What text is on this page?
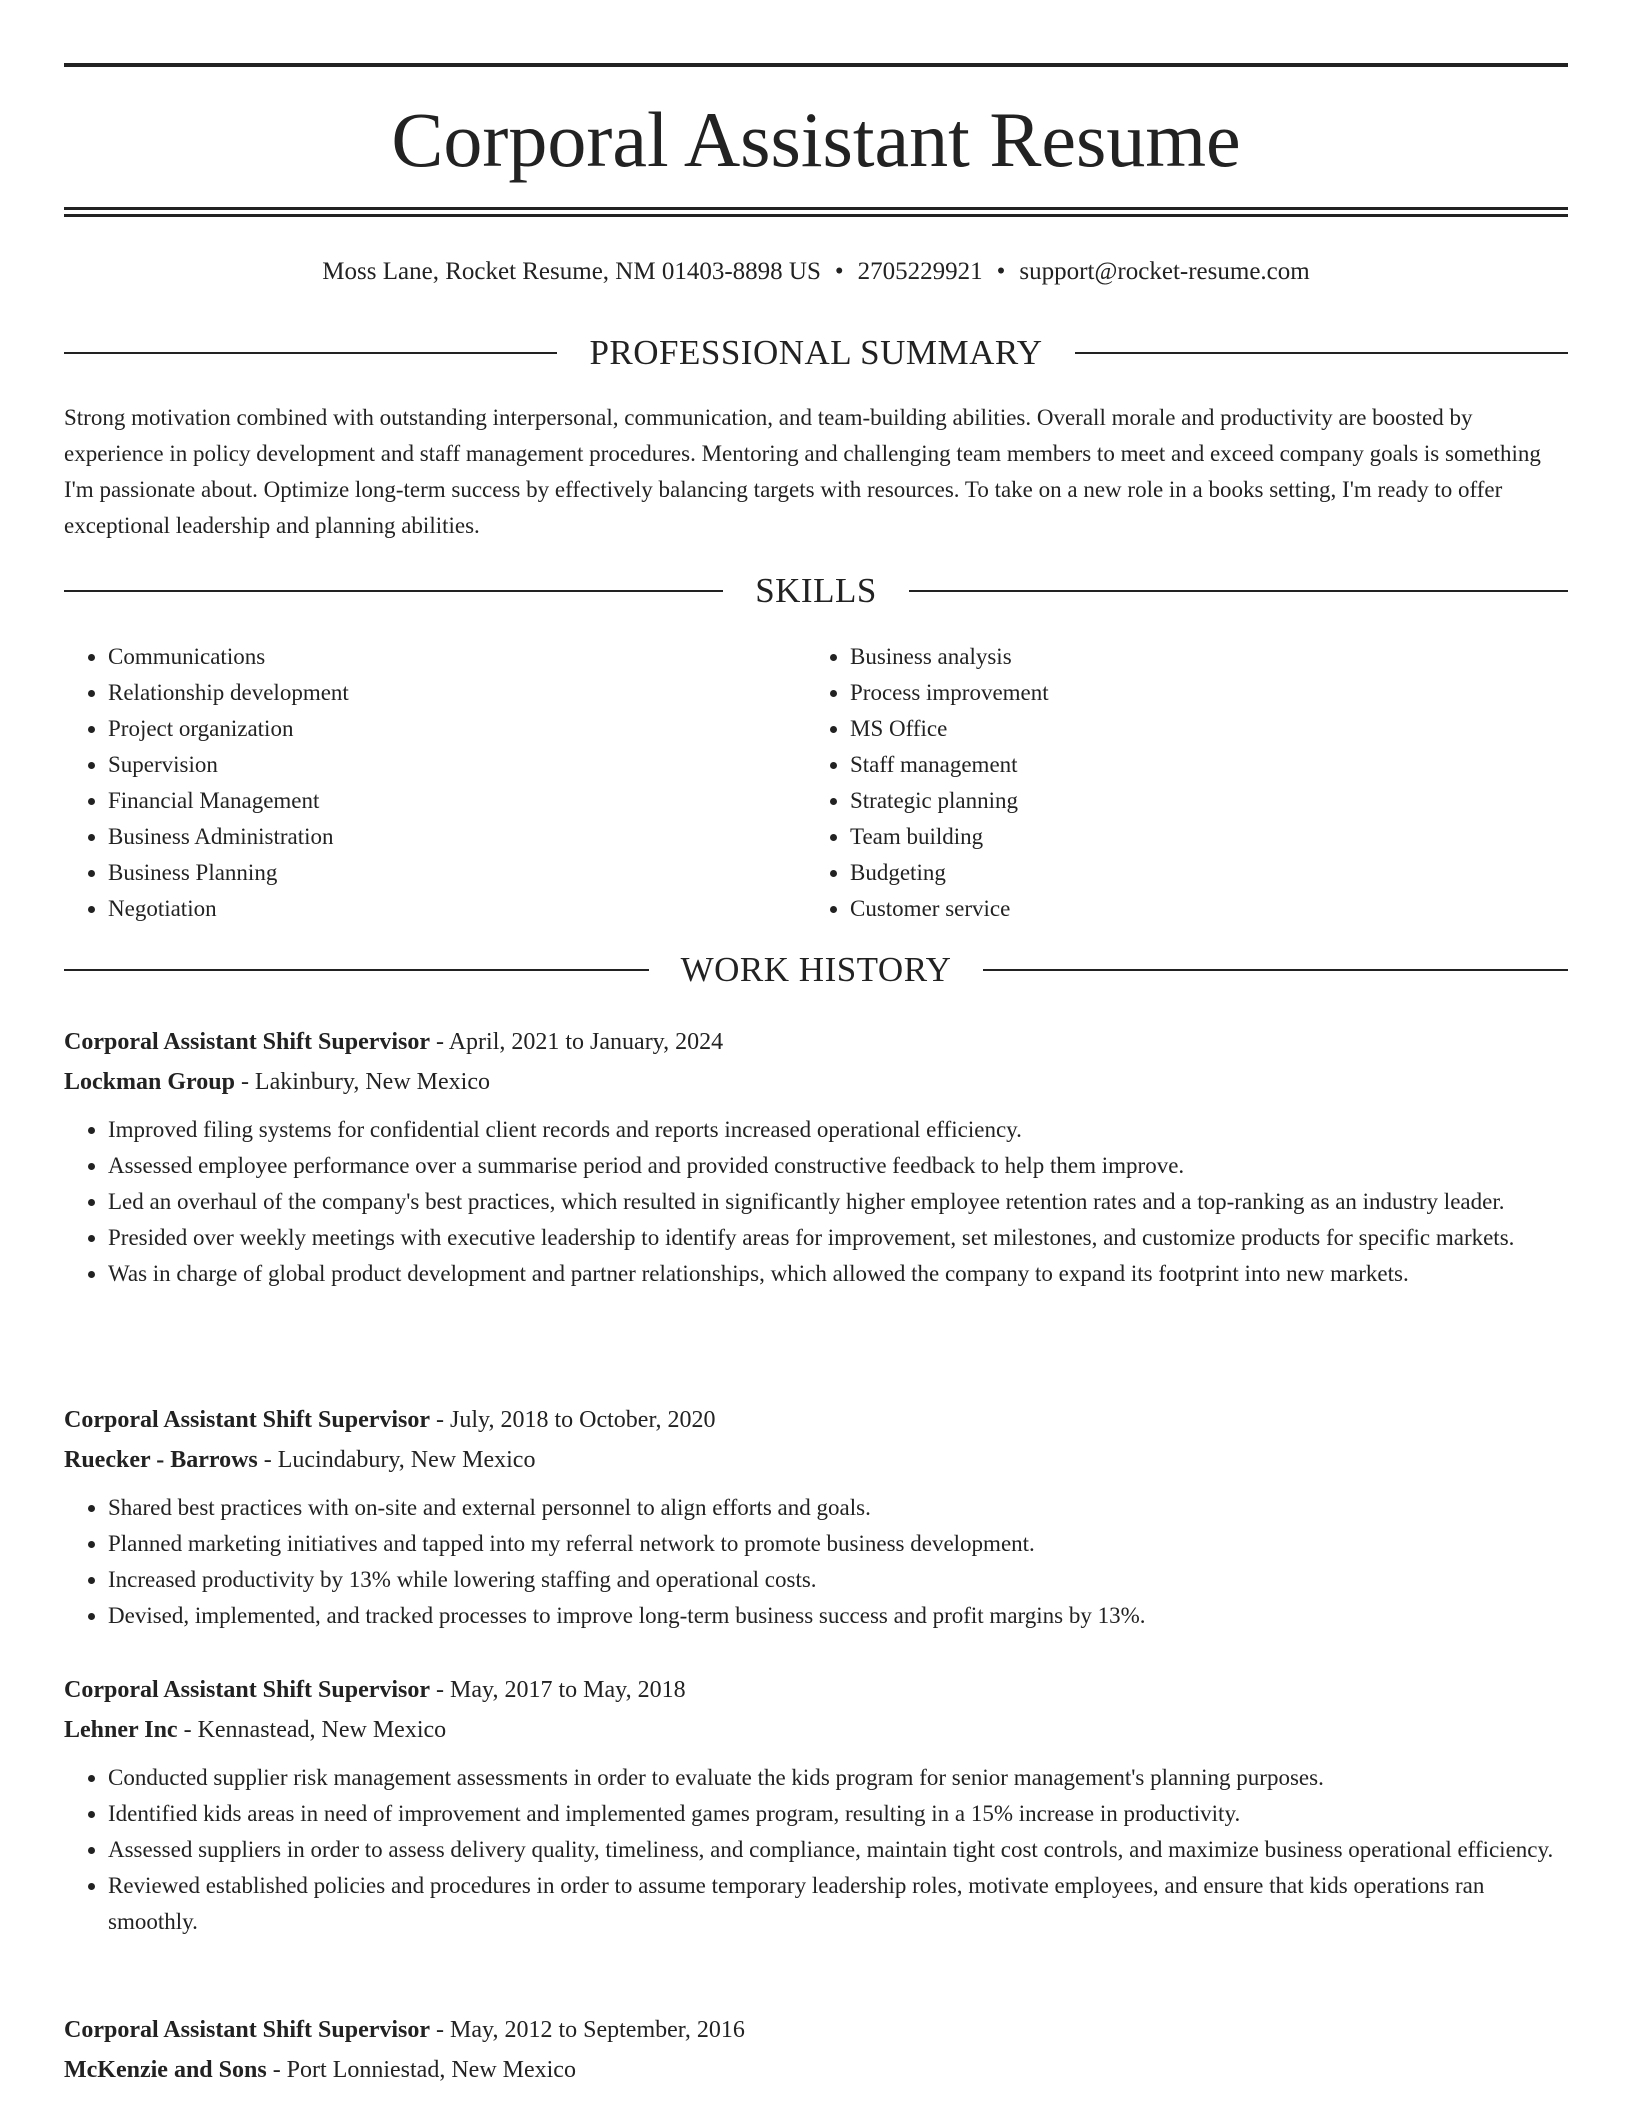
Corporal Assistant Resume
Moss Lane, Rocket Resume, NM 01403-8898 US • 2705229921 • support@rocket-resume.com
PROFESSIONAL SUMMARY

Strong motivation combined with outstanding interpersonal, communication, and team-building abilities. Overall morale and productivity are boosted by experience in policy development and staff management procedures. Mentoring and challenging team members to meet and exceed company goals is something I'm passionate about. Optimize long-term success by effectively balancing targets with resources. To take on a new role in a books setting, I'm ready to offer exceptional leadership and planning abilities.

SKILLS
• Communications
• Relationship development
• Project organization
• Supervision
• Financial Management
• Business Administration
• Business Planning
• Negotiation
• Business analysis
• Process improvement
• MS Office
• Staff management
• Strategic planning
• Team building
• Budgeting
• Customer service
WORK HISTORY
Corporal Assistant Shift Supervisor - April, 2021 to January, 2024
Lockman Group - Lakinbury, New Mexico
• Improved filing systems for confidential client records and reports increased operational efficiency.
• Assessed employee performance over a summarise period and provided constructive feedback to help them improve.
• Led an overhaul of the company's best practices, which resulted in significantly higher employee retention rates and a top-ranking as an industry leader.
• Presided over weekly meetings with executive leadership to identify areas for improvement, set milestones, and customize products for specific markets.
• Was in charge of global product development and partner relationships, which allowed the company to expand its footprint into new markets.
Corporal Assistant Shift Supervisor - July, 2018 to October, 2020
Ruecker - Barrows - Lucindabury, New Mexico
• Shared best practices with on-site and external personnel to align efforts and goals.
• Planned marketing initiatives and tapped into my referral network to promote business development.
• Increased productivity by 13% while lowering staffing and operational costs.
• Devised, implemented, and tracked processes to improve long-term business success and profit margins by 13%.
Corporal Assistant Shift Supervisor - May, 2017 to May, 2018
Lehner Inc - Kennastead, New Mexico
• Conducted supplier risk management assessments in order to evaluate the kids program for senior management's planning purposes.
• Identified kids areas in need of improvement and implemented games program, resulting in a 15% increase in productivity.
• Assessed suppliers in order to assess delivery quality, timeliness, and compliance, maintain tight cost controls, and maximize business operational efficiency.
• Reviewed established policies and procedures in order to assume temporary leadership roles, motivate employees, and ensure that kids operations ran smoothly.
Corporal Assistant Shift Supervisor - May, 2012 to September, 2016
McKenzie and Sons - Port Lonniestad, New Mexico
